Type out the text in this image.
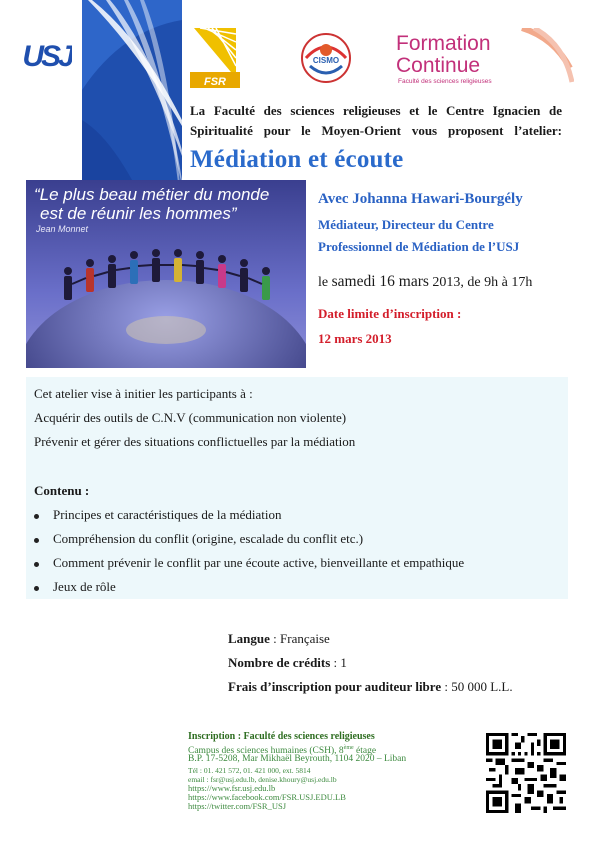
USJ
FSR
CISMO
Formation
Continue
Faculté des sciences religieuses
La Faculté des sciences religieuses et le Centre Ignacien de
Spiritualité pour le Moyen-Orient vous proposent l’atelier:
Médiation et écoute
“Le plus beau métier du monde
est de réunir les hommes”
Jean Monnet
Avec Johanna Hawari-Bourgély
Médiateur, Directeur du Centre
Professionnel de Médiation de l’USJ
le samedi 16 mars 2013, de 9h à 17h
Date limite d’inscription :
12 mars 2013
Cet atelier vise à initier les participants à :
Acquérir des outils de C.N.V (communication non violente)
Prévenir et gérer des situations conflictuelles par la médiation
Contenu :
Principes et caractéristiques de la médiation
Compréhension du conflit (origine, escalade du conflit etc.)
Comment prévenir le conflit par une écoute active, bienveillante et empathique
Jeux de rôle
Langue : Française
Nombre de crédits : 1
Frais d’inscription pour auditeur libre : 50 000 L.L.
Inscription : Faculté des sciences religieuses
Campus des sciences humaines (CSH), 8ème étage
B.P. 17-5208, Mar Mikhaël Beyrouth, 1104 2020 – Liban
Tél : 01. 421 572, 01. 421 000, ext. 5814
email : fsr@usj.edu.lb, denise.khoury@usj.edu.lb
https://www.fsr.usj.edu.lb
https://www.facebook.com/FSR.USJ.EDU.LB
https://twitter.com/FSR_USJ
